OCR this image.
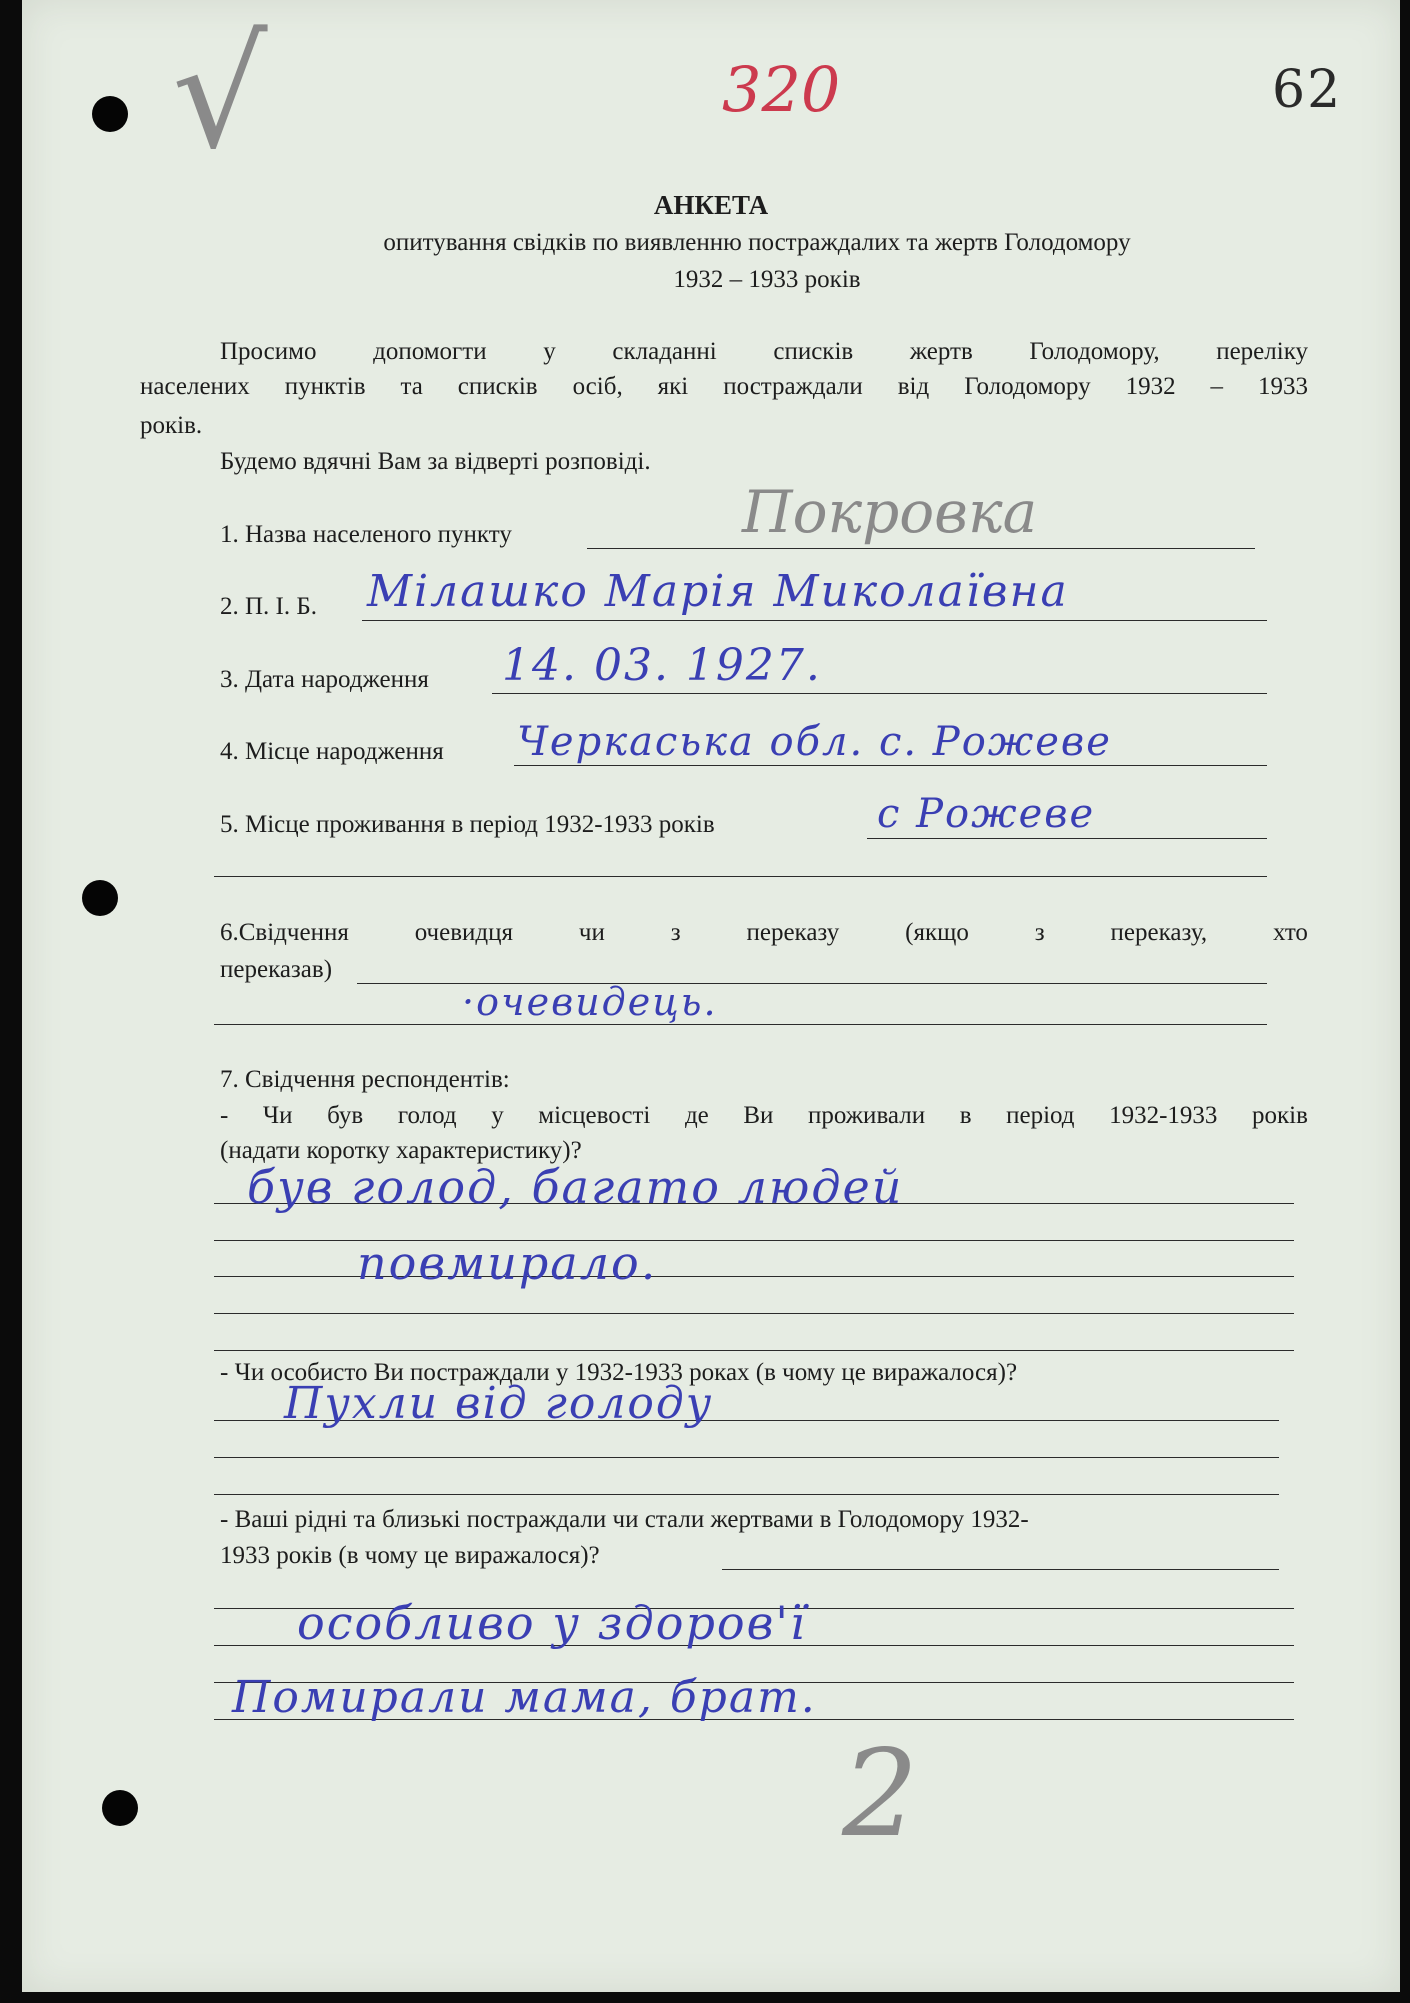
√	320	62
АНКЕТА
опитування свідків по виявленню постраждалих та жертв Голодомору
1932 – 1933 років
Просимо допомогти у складанні списків жертв Голодомору, переліку
населених пунктів та списків осіб, які постраждали від Голодомору 1932 – 1933
років.
Будемо вдячні Вам за відверті розповіді.
1. Назва населеного пункту	Покровка
2. П. І. Б. Мілашко Марія Миколаївна
3. Дата народження 14. 03. 1927.
4. Місце народження Черкаська обл. с. Рожеве
5. Місце проживання в період 1932-1933 років	с Рожеве
6.Свідчення	очевидця	чи	з	переказу	(якщо	з	переказу,	хто
переказав)
·очевидець.
7. Свідчення респондентів:
- Чи був голод у місцевості де Ви проживали в період 1932-1933 років
(надати коротку характеристику)?
був голод, багато людей
повмирало.
- Чи особисто Ви постраждали у 1932-1933 роках (в чому це виражалося)?
Пухли від голоду
- Ваші рідні та близькі постраждали чи стали жертвами в Голодомору 1932-
1933 років (в чому це виражалося)?
особливо у здоров'ї
Помирали мама, брат.
2
